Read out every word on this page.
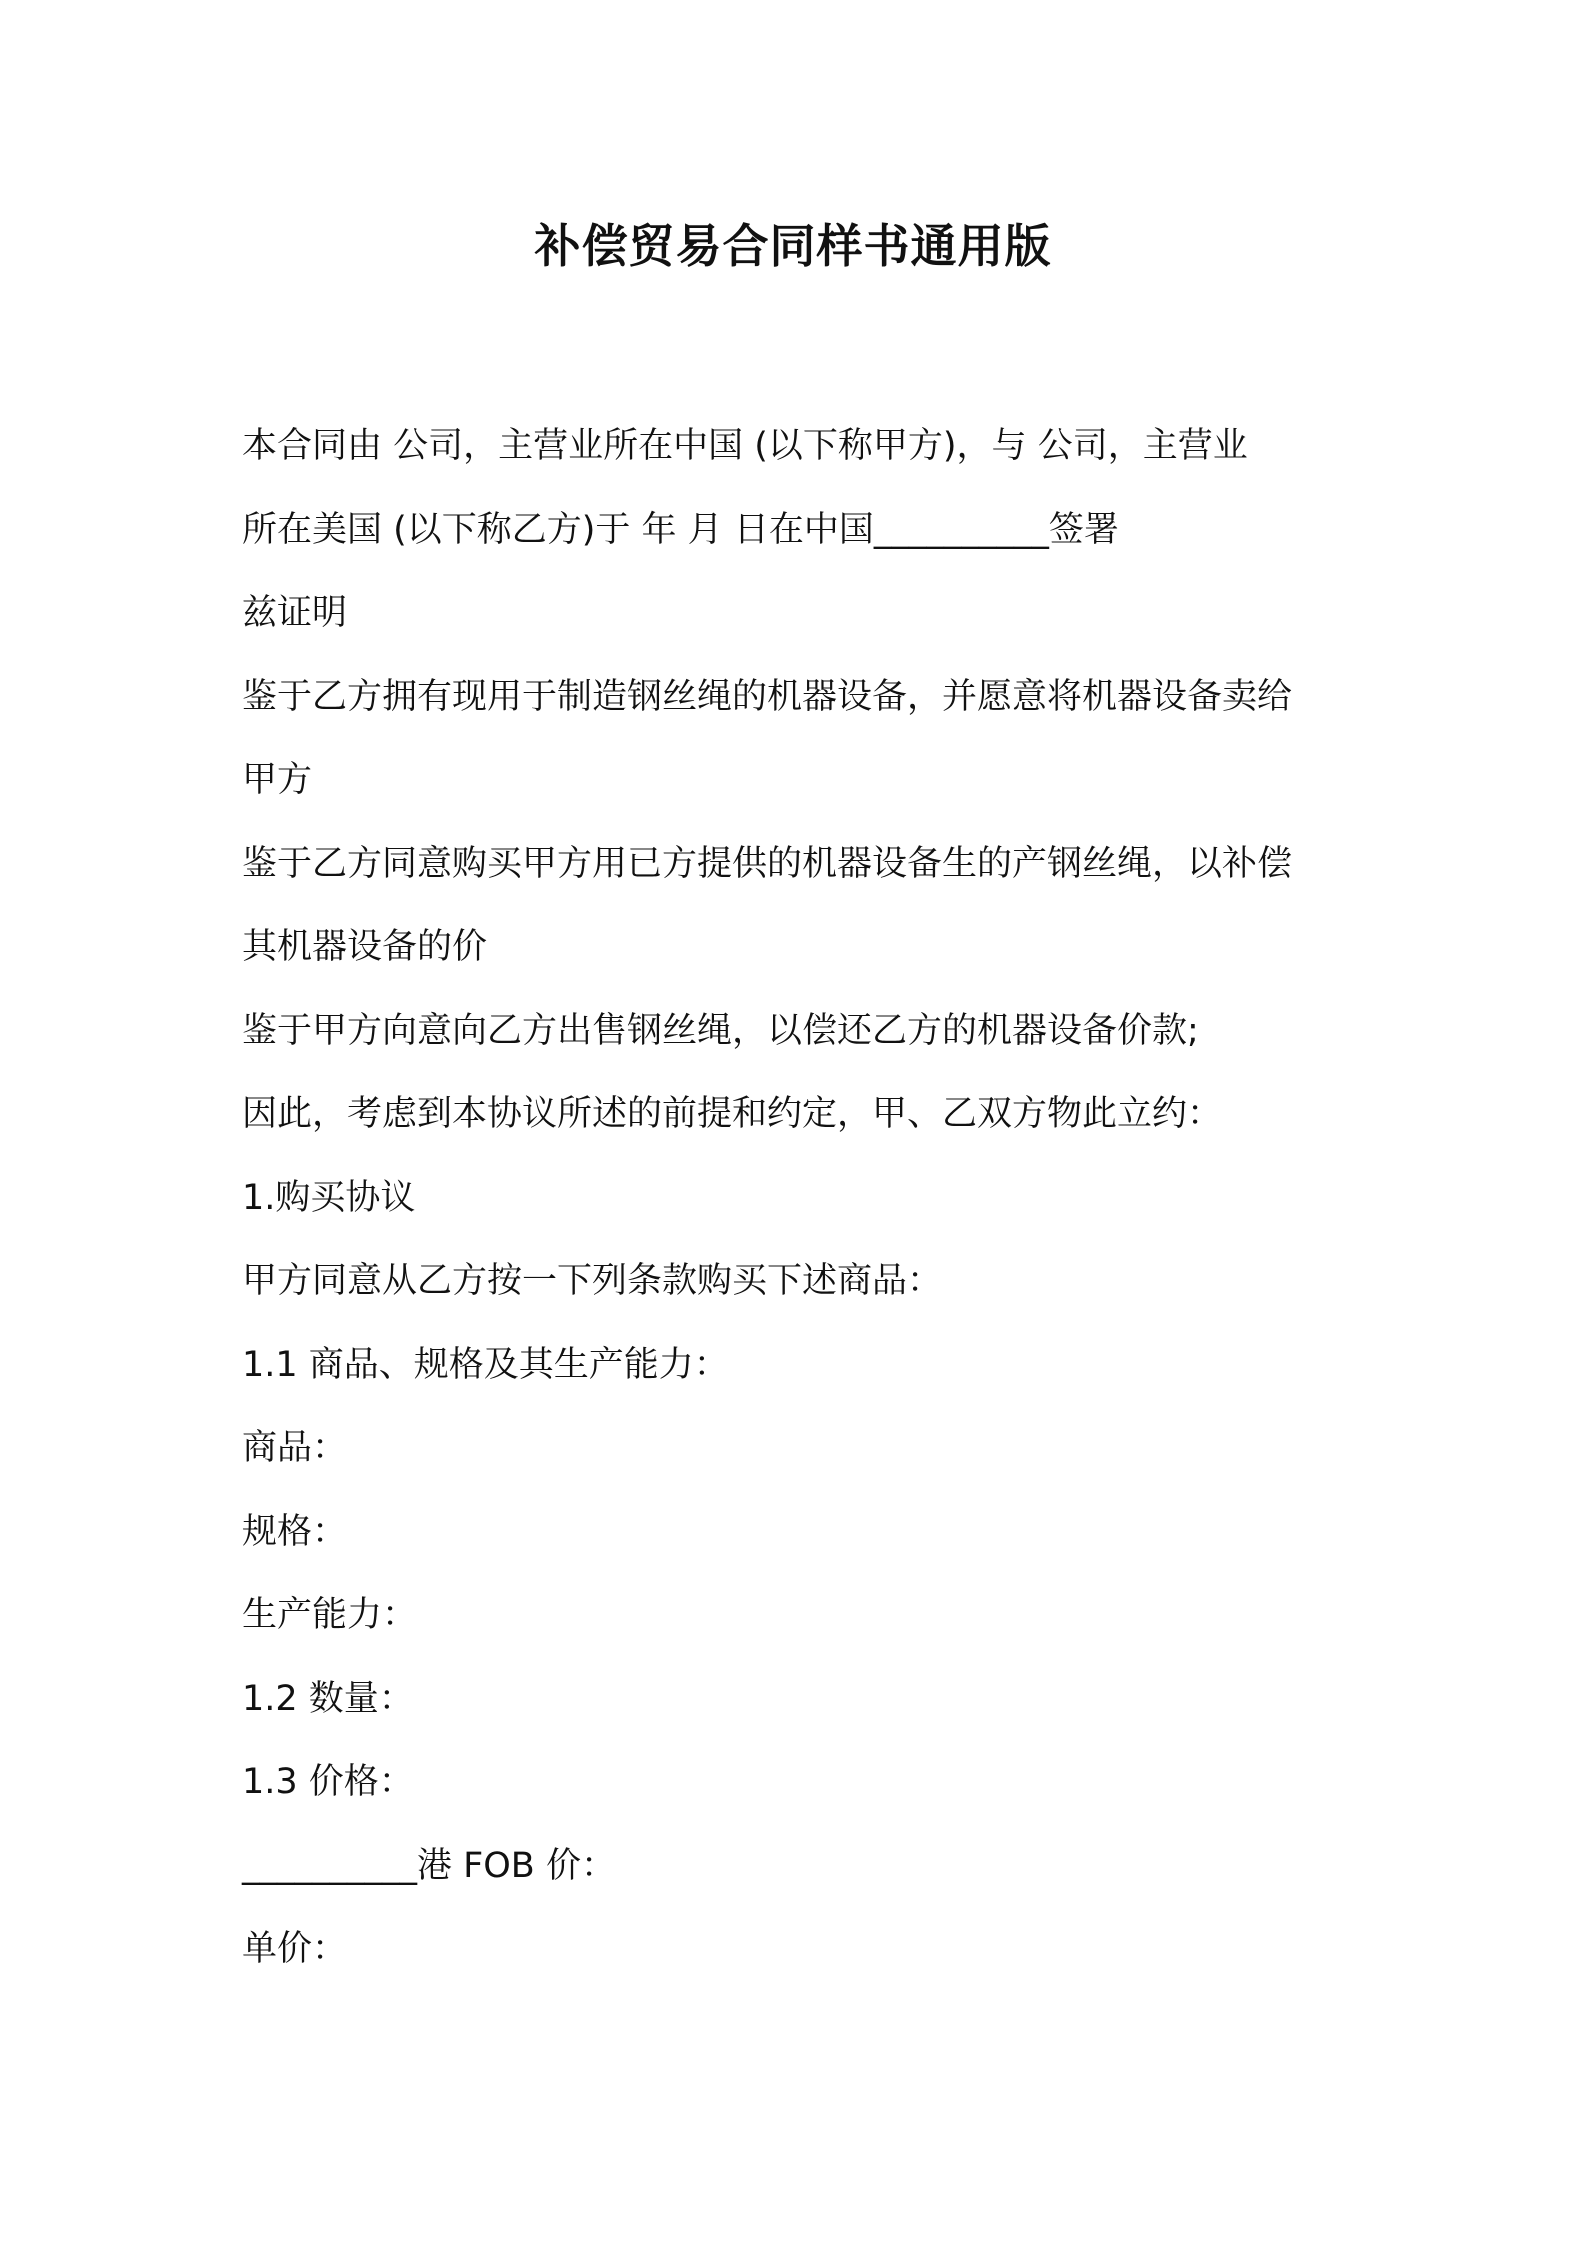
补偿贸易合同样书通用版

本合同由 公司，主营业所在中国 (以下称甲方)，与 公司，主营业

所在美国 (以下称乙方)于 年 月 日在中国__________签署

兹证明

鉴于乙方拥有现用于制造钢丝绳的机器设备，并愿意将机器设备卖给

甲方

鉴于乙方同意购买甲方用已方提供的机器设备生的产钢丝绳，以补偿

其机器设备的价

鉴于甲方向意向乙方出售钢丝绳，以偿还乙方的机器设备价款;

因此，考虑到本协议所述的前提和约定，甲、乙双方物此立约：

1.购买协议

甲方同意从乙方按一下列条款购买下述商品：

1.1 商品、规格及其生产能力：

商品：

规格：

生产能力：

1.2 数量：

1.3 价格：

__________港 FOB 价：

单价：
